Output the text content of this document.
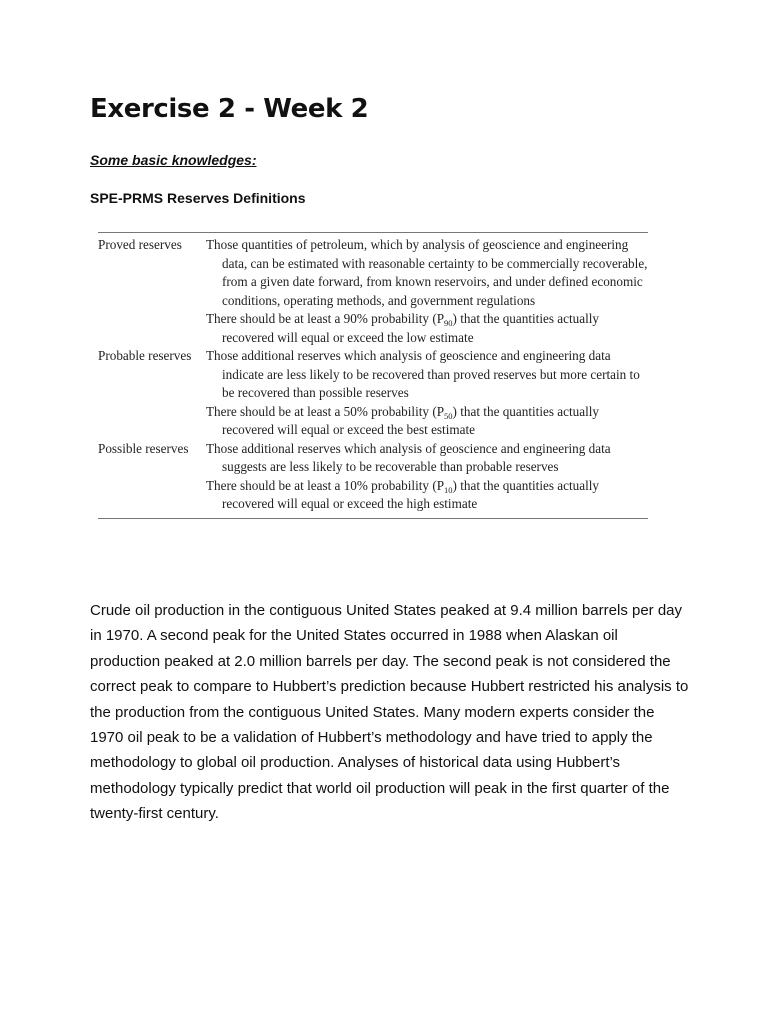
Exercise 2 - Week 2

Some basic knowledges:

SPE-PRMS Reserves Definitions

Proved reserves	Those quantities of petroleum, which by analysis of geoscience and engineering data, can be estimated with reasonable certainty to be commercially recoverable, from a given date forward, from known reservoirs, and under defined economic conditions, operating methods, and government regulations
	There should be at least a 90% probability $(P_{90})$ that the quantities actually recovered will equal or exceed the low estimate
Probable reserves	Those additional reserves which analysis of geoscience and engineering data indicate are less likely to be recovered than proved reserves but more certain to be recovered than possible reserves
	There should be at least a 50% probability $(P_{50})$ that the quantities actually recovered will equal or exceed the best estimate
Possible reserves	Those additional reserves which analysis of geoscience and engineering data suggests are less likely to be recoverable than probable reserves
	There should be at least a 10% probability $(P_{10})$ that the quantities actually recovered will equal or exceed the high estimate

Crude oil production in the contiguous United States peaked at 9.4 million barrels per day in 1970. A second peak for the United States occurred in 1988 when Alaskan oil production peaked at 2.0 million barrels per day. The second peak is not considered the correct peak to compare to Hubbert’s prediction because Hubbert restricted his analysis to the production from the contiguous United States. Many modern experts consider the 1970 oil peak to be a validation of Hubbert’s methodology and have tried to apply the methodology to global oil production. Analyses of historical data using Hubbert’s methodology typically predict that world oil production will peak in the first quarter of the twenty-first century.
